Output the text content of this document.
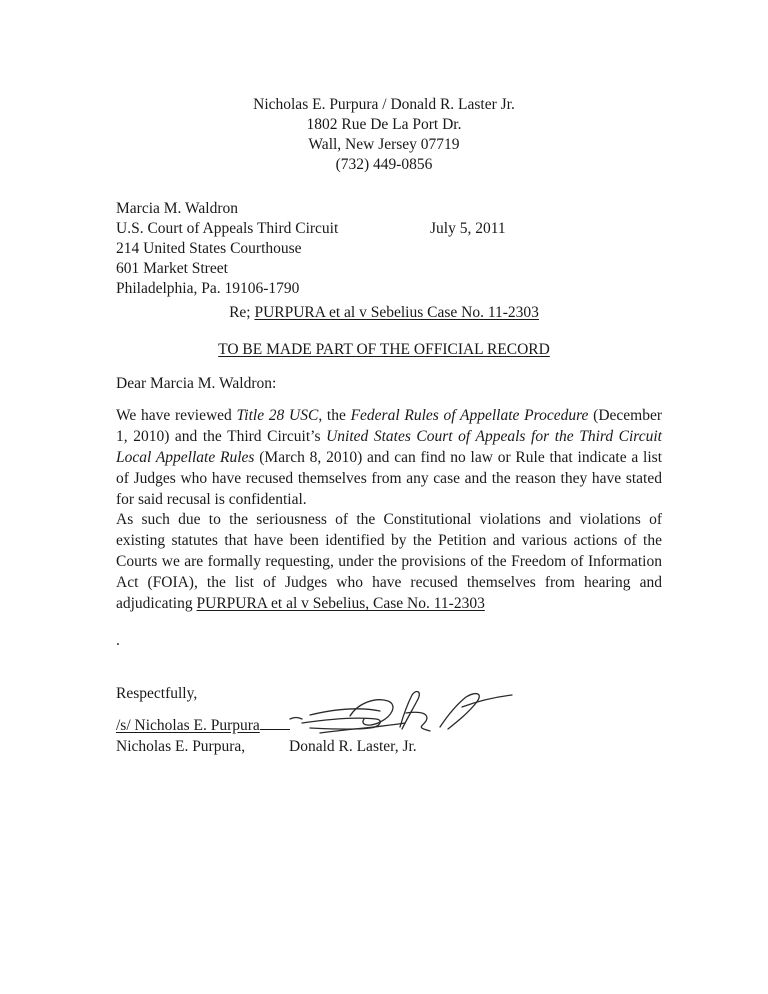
Nicholas E. Purpura / Donald R. Laster Jr.
1802 Rue De La Port Dr.
Wall, New Jersey 07719
(732) 449-0856
Marcia M. Waldron
U.S. Court of Appeals Third Circuit	July 5, 2011
214 United States Courthouse
601 Market Street
Philadelphia, Pa. 19106-1790
Re; PURPURA et al v Sebelius Case No. 11-2303
TO BE MADE PART OF THE OFFICIAL RECORD
Dear Marcia M. Waldron:

We have reviewed Title 28 USC, the Federal Rules of Appellate Procedure (December 1, 2010) and the Third Circuit’s United States Court of Appeals for the Third Circuit Local Appellate Rules (March 8, 2010) and can find no law or Rule that indicate a list of Judges who have recused themselves from any case and the reason they have stated for said recusal is confidential.

As such due to the seriousness of the Constitutional violations and violations of existing statutes that have been identified by the Petition and various actions of the Courts we are formally requesting, under the provisions of the Freedom of Information Act (FOIA), the list of Judges who have recused themselves from hearing and adjudicating PURPURA et al v Sebelius, Case No. 11-2303

.
Respectfully,
/s/ Nicholas E. Purpura
Nicholas E. Purpura,	Donald R. Laster, Jr.
